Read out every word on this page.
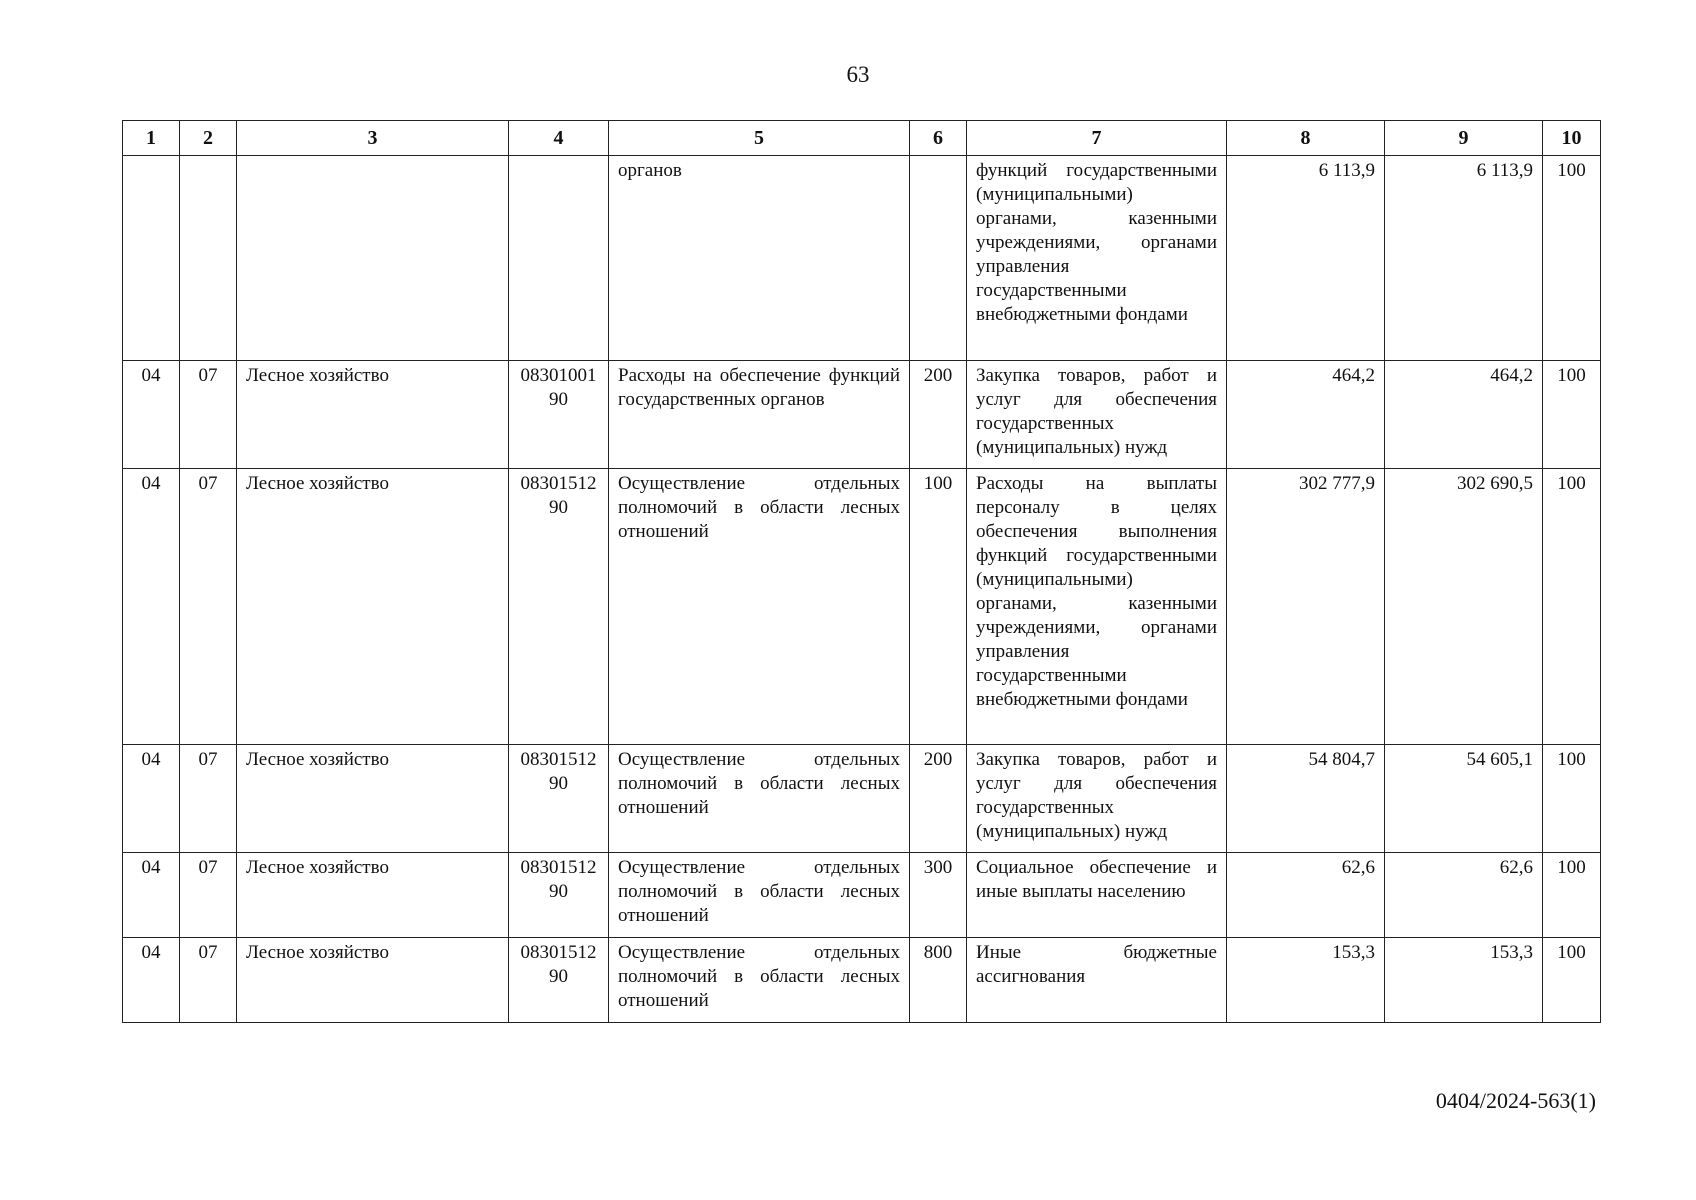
63
1	2	3	4	5	6	7	8	9	10
				органов		функций государственными (муниципальными) органами, казенными учреждениями, органами управления государственными внебюджетными фондами	6 113,9	6 113,9	100
04	07	Лесное хозяйство	0830100190	Расходы на обеспечение функций государственных органов	200	Закупка товаров, работ и услуг для обеспечения государственных (муниципальных) нужд	464,2	464,2	100
04	07	Лесное хозяйство	0830151290	Осуществление отдельных полномочий в области лесных отношений	100	Расходы на выплаты персоналу в целях обеспечения выполнения функций государственными (муниципальными) органами, казенными учреждениями, органами управления государственными внебюджетными фондами	302 777,9	302 690,5	100
04	07	Лесное хозяйство	0830151290	Осуществление отдельных полномочий в области лесных отношений	200	Закупка товаров, работ и услуг для обеспечения государственных (муниципальных) нужд	54 804,7	54 605,1	100
04	07	Лесное хозяйство	0830151290	Осуществление отдельных полномочий в области лесных отношений	300	Социальное обеспечение и иные выплаты населению	62,6	62,6	100
04	07	Лесное хозяйство	0830151290	Осуществление отдельных полномочий в области лесных отношений	800	Иные бюджетные ассигнования	153,3	153,3	100
0404/2024-563(1)
